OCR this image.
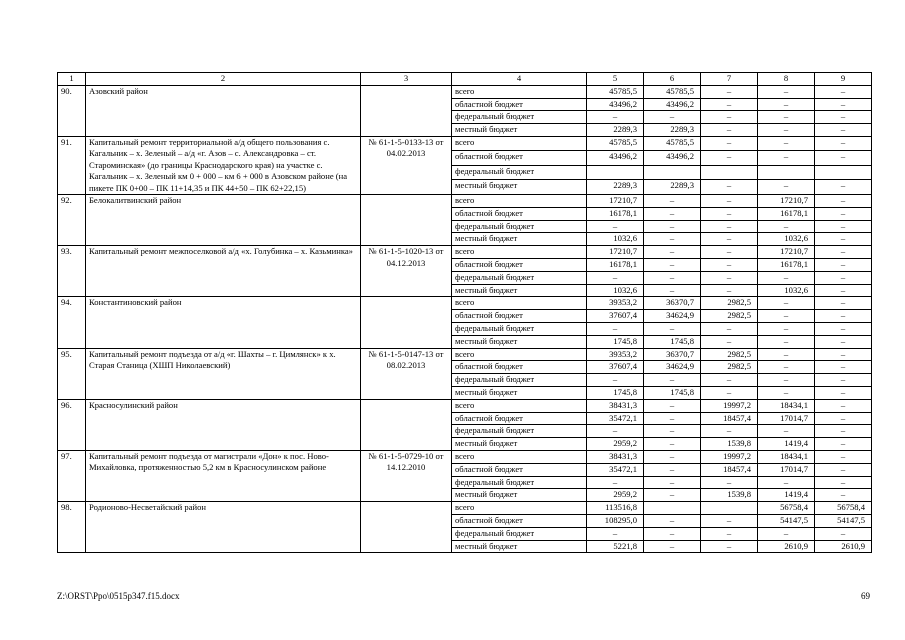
1	2	3	4	5	6	7	8	9
90.	Азовский район		всего	45785,5	45785,5	–	–	–
			областной бюджет	43496,2	43496,2	–	–	–
			федеральный бюджет	–	–	–	–	–
			местный бюджет	2289,3	2289,3	–	–	–
91.	Капитальный ремонт территориальной а/д общего пользования с. Кагальник – х. Зеленый – а/д «г. Азов – с. Александровка – ст. Староминская» (до границы Краснодарского края) на участке с. Кагальник – х. Зеленый км 0 + 000 – км 6 + 000 в Азовском районе (на пикете ПК 0+00 – ПК 11+14,35 и ПК 44+50 – ПК 62+22,15)	№ 61-1-5-0133-13 от 04.02.2013	всего	45785,5	45785,5	–	–	–
			областной бюджет	43496,2	43496,2	–	–	–
			федеральный бюджет					
			местный бюджет	2289,3	2289,3	–	–	–
92.	Белокалитвинский район		всего	17210,7	–	–	17210,7	–
			областной бюджет	16178,1	–	–	16178,1	–
			федеральный бюджет	–	–	–	–	–
			местный бюджет	1032,6	–	–	1032,6	–
93.	Капитальный ремонт межпоселковой а/д «х. Голубинка – х. Казьминка»	№ 61-1-5-1020-13 от 04.12.2013	всего	17210,7	–	–	17210,7	–
			областной бюджет	16178,1	–	–	16178,1	–
			федеральный бюджет	–	–	–	–	–
			местный бюджет	1032,6	–	–	1032,6	–
94.	Константиновский район		всего	39353,2	36370,7	2982,5	–	–
			областной бюджет	37607,4	34624,9	2982,5	–	–
			федеральный бюджет	–	–	–	–	–
			местный бюджет	1745,8	1745,8	–	–	–
95.	Капитальный ремонт подъезда от а/д «г. Шахты – г. Цимлянск» к х. Старая Станица (ХШП Николаевский)	№ 61-1-5-0147-13 от 08.02.2013	всего	39353,2	36370,7	2982,5	–	–
			областной бюджет	37607,4	34624,9	2982,5	–	–
			федеральный бюджет	–	–	–	–	–
			местный бюджет	1745,8	1745,8	–	–	–
96.	Красносулинский район		всего	38431,3	–	19997,2	18434,1	–
			областной бюджет	35472,1	–	18457,4	17014,7	–
			федеральный бюджет	–	–	–	–	–
			местный бюджет	2959,2	–	1539,8	1419,4	–
97.	Капитальный ремонт подъезда от магистрали «Дон» к пос. Ново-Михайловка, протяженностью 5,2 км в Красносулинском районе	№ 61-1-5-0729-10 от 14.12.2010	всего	38431,3	–	19997,2	18434,1	–
			областной бюджет	35472,1	–	18457,4	17014,7	–
			федеральный бюджет	–	–	–	–	–
			местный бюджет	2959,2	–	1539,8	1419,4	–
98.	Родионово-Несветайский район		всего	113516,8			56758,4	56758,4
			областной бюджет	108295,0	–	–	54147,5	54147,5
			федеральный бюджет	–	–	–	–	–
			местный бюджет	5221,8	–	–	2610,9	2610,9
Z:\ORST\Ppo\0515p347.f15.docx	69
